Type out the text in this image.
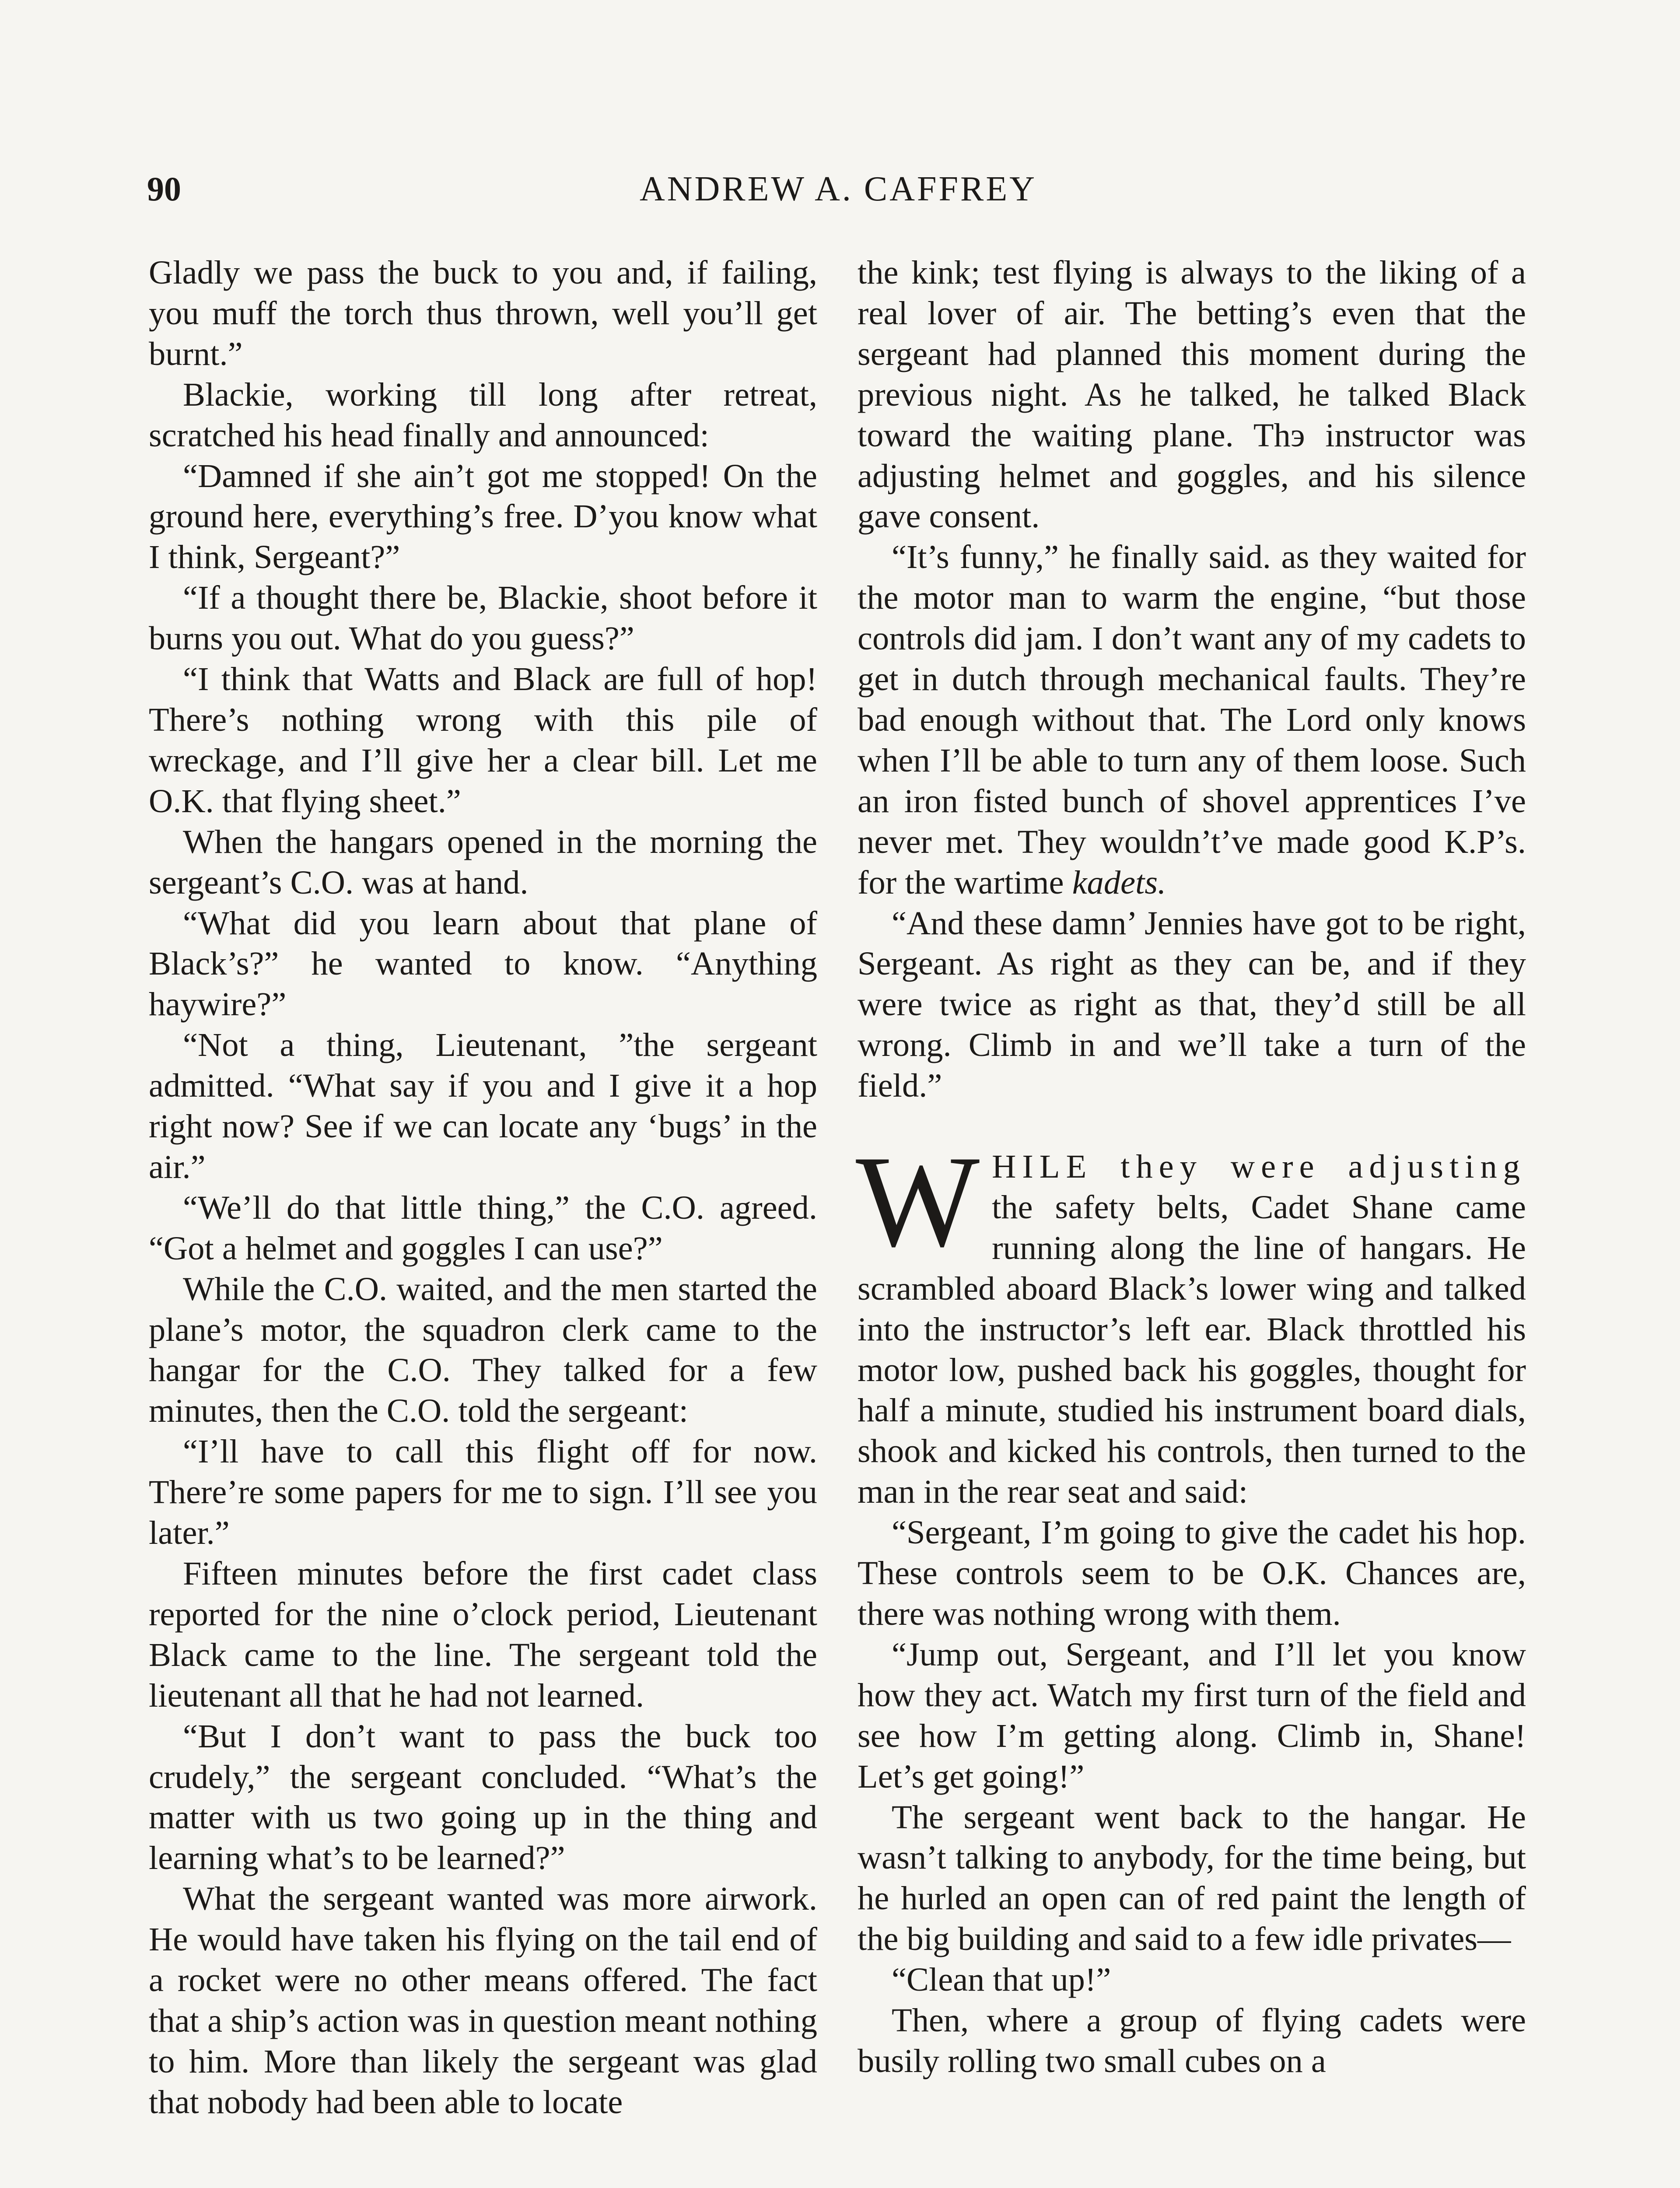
90	ANDREW A. CAFFREY

Gladly we pass the buck to you and, if failing, you muff the torch thus thrown, well you’ll get burnt.”

Blackie, working till long after retreat, scratched his head finally and announced:

“Damned if she ain’t got me stopped! On the ground here, everything’s free. D’you know what I think, Sergeant?”

“If a thought there be, Blackie, shoot before it burns you out. What do you guess?”

“I think that Watts and Black are full of hop! There’s nothing wrong with this pile of wreckage, and I’ll give her a clear bill. Let me O.K. that flying sheet.”

When the hangars opened in the morning the sergeant’s C.O. was at hand.

“What did you learn about that plane of Black’s?” he wanted to know. “Anything haywire?”

“Not a thing, Lieutenant, ”the sergeant admitted. “What say if you and I give it a hop right now? See if we can locate any ‘bugs’ in the air.”

“We’ll do that little thing,” the C.O. agreed. “Got a helmet and goggles I can use?”

While the C.O. waited, and the men started the plane’s motor, the squadron clerk came to the hangar for the C.O. They talked for a few minutes, then the C.O. told the sergeant:

“I’ll have to call this flight off for now. There’re some papers for me to sign. I’ll see you later.”

Fifteen minutes before the first cadet class reported for the nine o’clock period, Lieutenant Black came to the line. The sergeant told the lieutenant all that he had not learned.

“But I don’t want to pass the buck too crudely,” the sergeant concluded. “What’s the matter with us two going up in the thing and learning what’s to be learned?”

What the sergeant wanted was more airwork. He would have taken his flying on the tail end of a rocket were no other means offered. The fact that a ship’s action was in question meant nothing to him. More than likely the sergeant was glad that nobody had been able to locate

the kink; test flying is always to the liking of a real lover of air. The betting’s even that the sergeant had planned this moment during the previous night. As he talked, he talked Black toward the waiting plane. Thэ instructor was adjusting helmet and goggles, and his silence gave consent.

“It’s funny,” he finally said. as they waited for the motor man to warm the engine, “but those controls did jam. I don’t want any of my cadets to get in dutch through mechanical faults. They’re bad enough without that. The Lord only knows when I’ll be able to turn any of them loose. Such an iron fisted bunch of shovel apprentices I’ve never met. They wouldn’t’ve made good K.P’s. for the wartime kadets.

“And these damn’ Jennies have got to be right, Sergeant. As right as they can be, and if they were twice as right as that, they’d still be all wrong. Climb in and we’ll take a turn of the field.”

WHILE they were adjusting the safety belts, Cadet Shane came running along the line of hangars. He scrambled aboard Black’s lower wing and talked into the instructor’s left ear. Black throttled his motor low, pushed back his goggles, thought for half a minute, studied his instrument board dials, shook and kicked his controls, then turned to the man in the rear seat and said:

“Sergeant, I’m going to give the cadet his hop. These controls seem to be O.K. Chances are, there was nothing wrong with them.

“Jump out, Sergeant, and I’ll let you know how they act. Watch my first turn of the field and see how I’m getting along. Climb in, Shane! Let’s get going!”

The sergeant went back to the hangar. He wasn’t talking to anybody, for the time being, but he hurled an open can of red paint the length of the big building and said to a few idle privates—

“Clean that up!”

Then, where a group of flying cadets were busily rolling two small cubes on a
